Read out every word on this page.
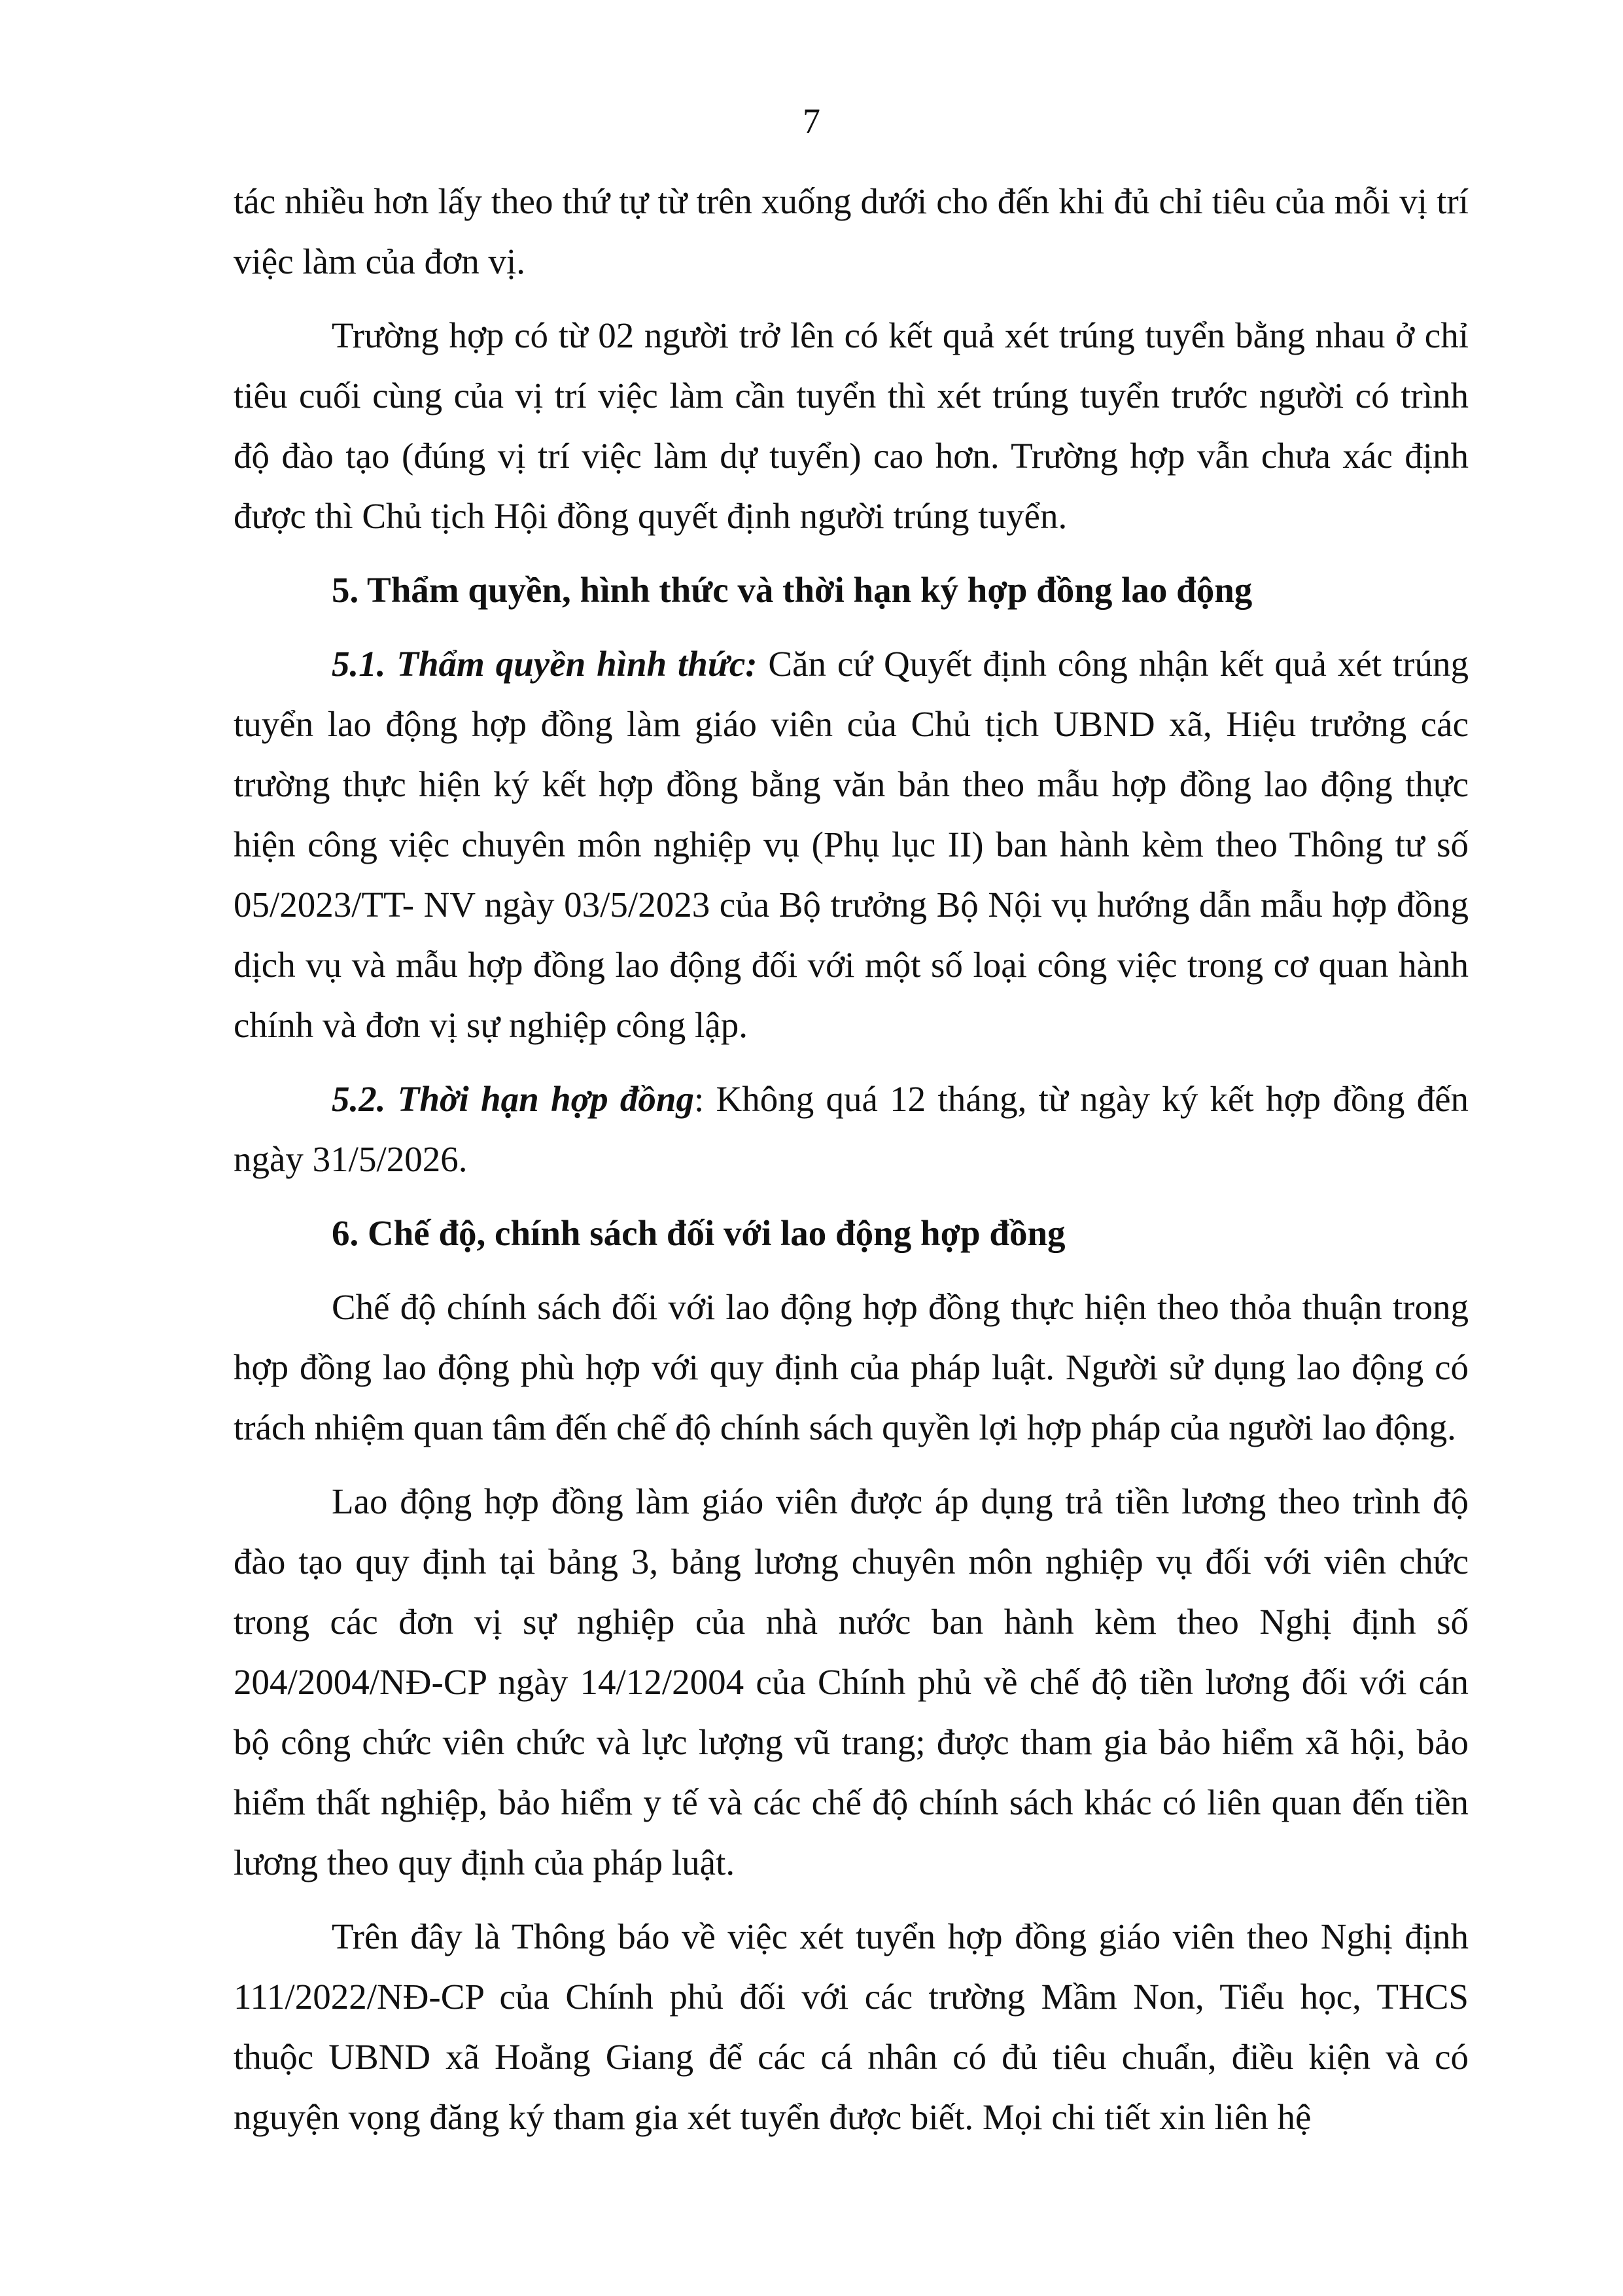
7

tác nhiều hơn lấy theo thứ tự từ trên xuống dưới cho đến khi đủ chỉ tiêu của mỗi vị trí việc làm của đơn vị.

Trường hợp có từ 02 người trở lên có kết quả xét trúng tuyển bằng nhau ở chỉ tiêu cuối cùng của vị trí việc làm cần tuyển thì xét trúng tuyển trước người có trình độ đào tạo (đúng vị trí việc làm dự tuyển) cao hơn. Trường hợp vẫn chưa xác định được thì Chủ tịch Hội đồng quyết định người trúng tuyển.

5. Thẩm quyền, hình thức và thời hạn ký hợp đồng lao động

5.1. Thẩm quyền hình thức: Căn cứ Quyết định công nhận kết quả xét trúng tuyển lao động hợp đồng làm giáo viên của Chủ tịch UBND xã, Hiệu trưởng các trường thực hiện ký kết hợp đồng bằng văn bản theo mẫu hợp đồng lao động thực hiện công việc chuyên môn nghiệp vụ (Phụ lục II) ban hành kèm theo Thông tư số 05/2023/TT- NV ngày 03/5/2023 của Bộ trưởng Bộ Nội vụ hướng dẫn mẫu hợp đồng dịch vụ và mẫu hợp đồng lao động đối với một số loại công việc trong cơ quan hành chính và đơn vị sự nghiệp công lập.

5.2. Thời hạn hợp đồng: Không quá 12 tháng, từ ngày ký kết hợp đồng đến ngày 31/5/2026.

6. Chế độ, chính sách đối với lao động hợp đồng

Chế độ chính sách đối với lao động hợp đồng thực hiện theo thỏa thuận trong hợp đồng lao động phù hợp với quy định của pháp luật. Người sử dụng lao động có trách nhiệm quan tâm đến chế độ chính sách quyền lợi hợp pháp của người lao động.

Lao động hợp đồng làm giáo viên được áp dụng trả tiền lương theo trình độ đào tạo quy định tại bảng 3, bảng lương chuyên môn nghiệp vụ đối với viên chức trong các đơn vị sự nghiệp của nhà nước ban hành kèm theo Nghị định số 204/2004/NĐ-CP ngày 14/12/2004 của Chính phủ về chế độ tiền lương đối với cán bộ công chức viên chức và lực lượng vũ trang; được tham gia bảo hiểm xã hội, bảo hiểm thất nghiệp, bảo hiểm y tế và các chế độ chính sách khác có liên quan đến tiền lương theo quy định của pháp luật.

Trên đây là Thông báo về việc xét tuyển hợp đồng giáo viên theo Nghị định 111/2022/NĐ-CP của Chính phủ đối với các trường Mầm Non, Tiểu học, THCS thuộc UBND xã Hoằng Giang để các cá nhân có đủ tiêu chuẩn, điều kiện và có nguyện vọng đăng ký tham gia xét tuyển được biết. Mọi chi tiết xin liên hệ
